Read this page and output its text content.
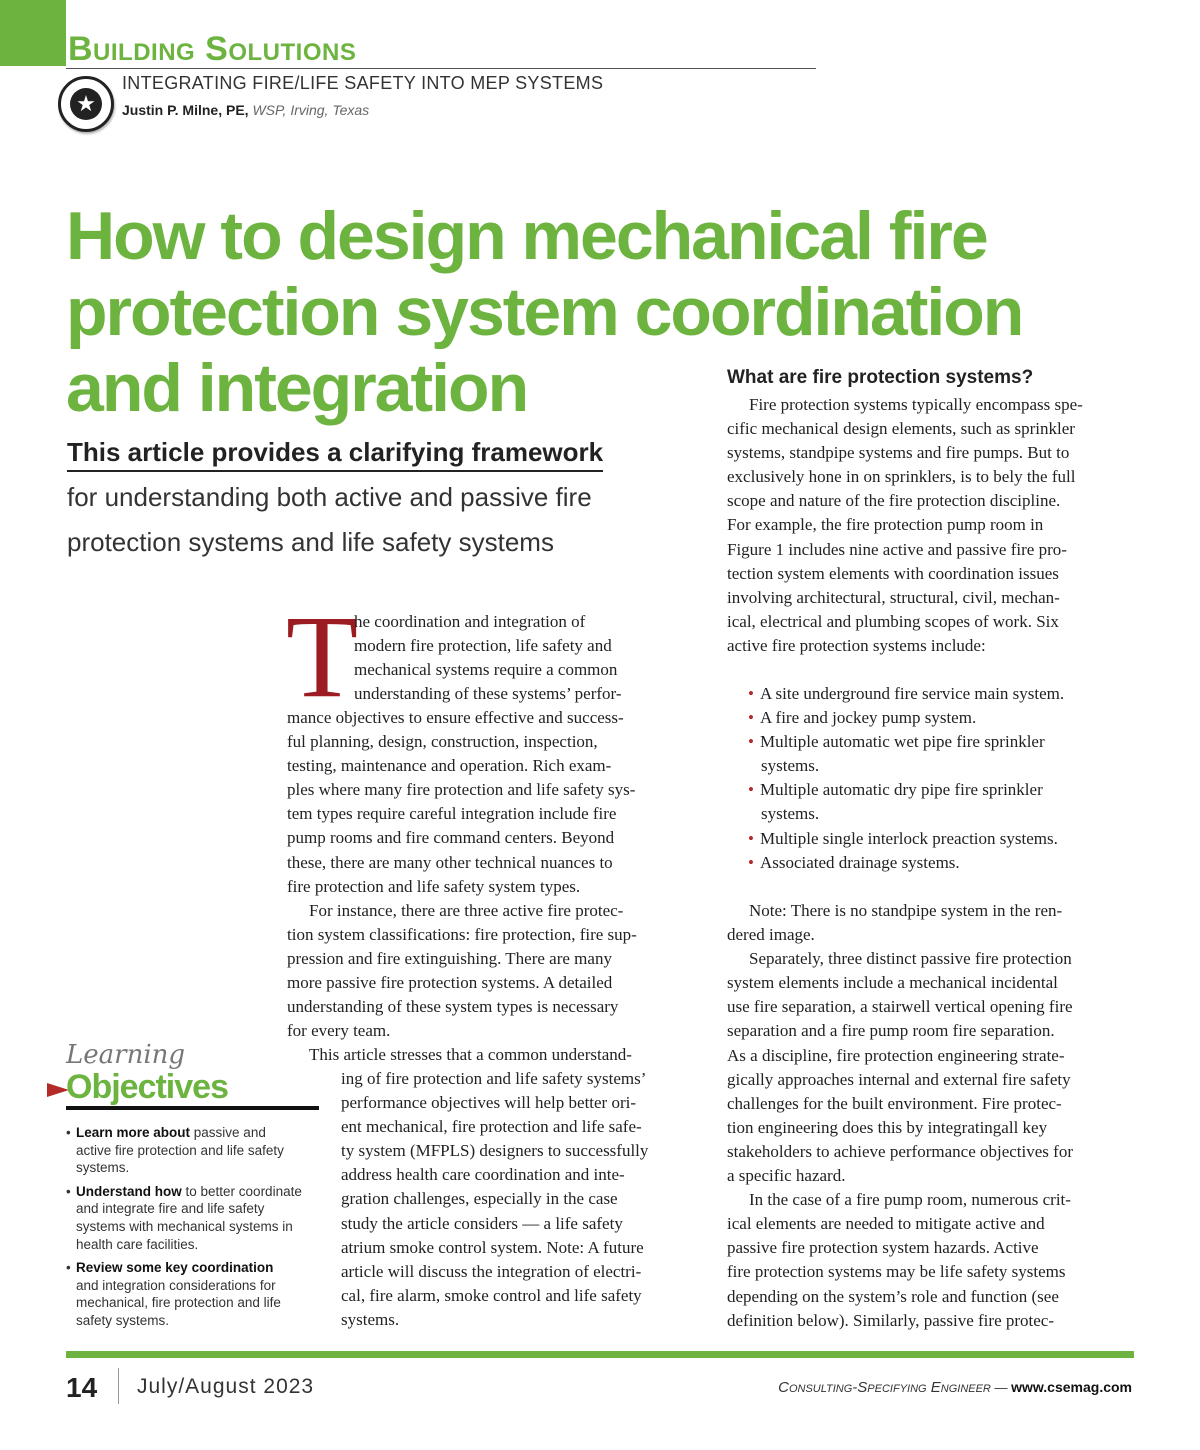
Building Solutions
★
INTEGRATING FIRE/LIFE SAFETY INTO MEP SYSTEMS
Justin P. Milne, PE, WSP, Irving, Texas
How to design mechanical fire
protection system coordination
and integration
This article provides a clarifying framework
for understanding both active and passive fire
protection systems and life safety systems
T
he coordination and integration of
modern fire protection, life safety and
mechanical systems require a common
understanding of these systems’ perfor-
mance objectives to ensure effective and success-
ful planning, design, construction, inspection,
testing, maintenance and operation. Rich exam-
ples where many fire protection and life safety sys-
tem types require careful integration include fire
pump rooms and fire command centers. Beyond
these, there are many other technical nuances to
fire protection and life safety system types.
For instance, there are three active fire protec-
tion system classifications: fire protection, fire sup-
pression and fire extinguishing. There are many
more passive fire protection systems. A detailed
understanding of these system types is necessary
for every team.
This article stresses that a common understand-
ing of fire protection and life safety systems’
performance objectives will help better ori-
ent mechanical, fire protection and life safe-
ty system (MFPLS) designers to successfully
address health care coordination and inte-
gration challenges, especially in the case
study the article considers — a life safety
atrium smoke control system. Note: A future
article will discuss the integration of electri-
cal, fire alarm, smoke control and life safety
systems.
What are fire protection systems?
Fire protection systems typically encompass spe-
cific mechanical design elements, such as sprinkler
systems, standpipe systems and fire pumps. But to
exclusively hone in on sprinklers, is to bely the full
scope and nature of the fire protection discipline.
For example, the fire protection pump room in
Figure 1 includes nine active and passive fire pro-
tection system elements with coordination issues
involving architectural, structural, civil, mechan-
ical, electrical and plumbing scopes of work. Six
active fire protection systems include:
• A site underground fire service main system.
• A fire and jockey pump system.
• Multiple automatic wet pipe fire sprinkler
systems.
• Multiple automatic dry pipe fire sprinkler
systems.
• Multiple single interlock preaction systems.
• Associated drainage systems.
Note: There is no standpipe system in the ren-
dered image.
Separately, three distinct passive fire protection
system elements include a mechanical incidental
use fire separation, a stairwell vertical opening fire
separation and a fire pump room fire separation.
As a discipline, fire protection engineering strate-
gically approaches internal and external fire safety
challenges for the built environment. Fire protec-
tion engineering does this by integratingall key
stakeholders to achieve performance objectives for
a specific hazard.
In the case of a fire pump room, numerous crit-
ical elements are needed to mitigate active and
passive fire protection system hazards. Active
fire protection systems may be life safety systems
depending on the system’s role and function (see
definition below). Similarly, passive fire protec-
Learning
Objectives
• Learn more about passive and
active fire protection and life safety
systems.
• Understand how to better coordinate
and integrate fire and life safety
systems with mechanical systems in
health care facilities.
• Review some key coordination
and integration considerations for
mechanical, fire protection and life
safety systems.
14 July/August 2023	Consulting-Specifying Engineer — www.csemag.com
